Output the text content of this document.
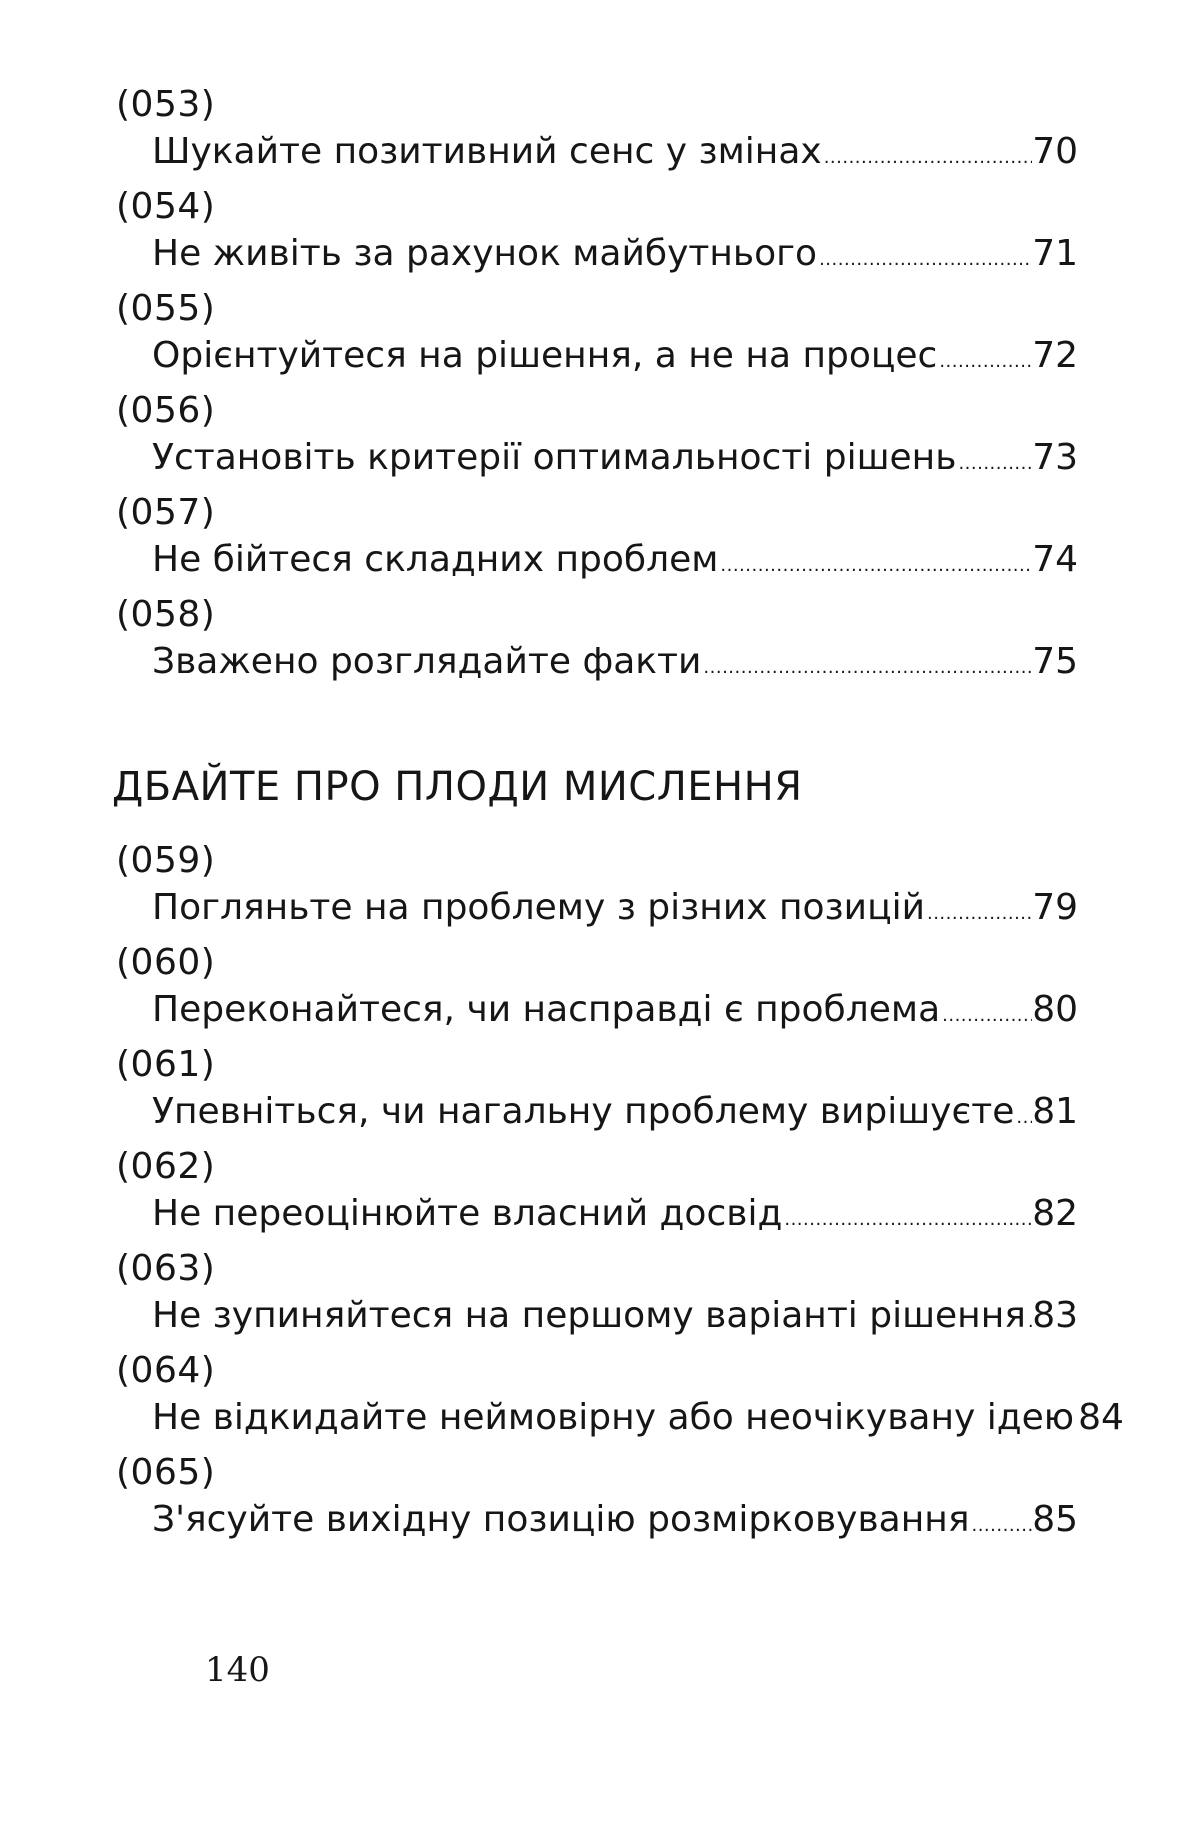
(053)
Шукайте позитивний сенс у змінах .....	70
(054)
Не живіть за рахунок майбутнього .....	71
(055)
Орієнтуйтеся на рішення, а не на процес .....	72
(056)
Установіть критерії оптимальності рішень ..... 73
(057)
Не бійтеся складних проблем .....	74
(058)
Зважено розглядайте факти .....	75
ДБАЙТЕ ПРО ПЛОДИ МИСЛЕННЯ
(059)
Погляньте на проблему з різних позицій .....	79
(060)
Переконайтеся, чи насправді є проблема .....	80
(061)
Упевніться, чи нагальну проблему вирішуєте ..... 81
(062)
Не переоцінюйте власний досвід .....	82
(063)
Не зупиняйтеся на першому варіанті рішення ..... 83
(064)
Не відкидайте неймовірну або неочікувану ідею ..... 84
(065)
З'ясуйте вихідну позицію розмірковування ..... 85
140
